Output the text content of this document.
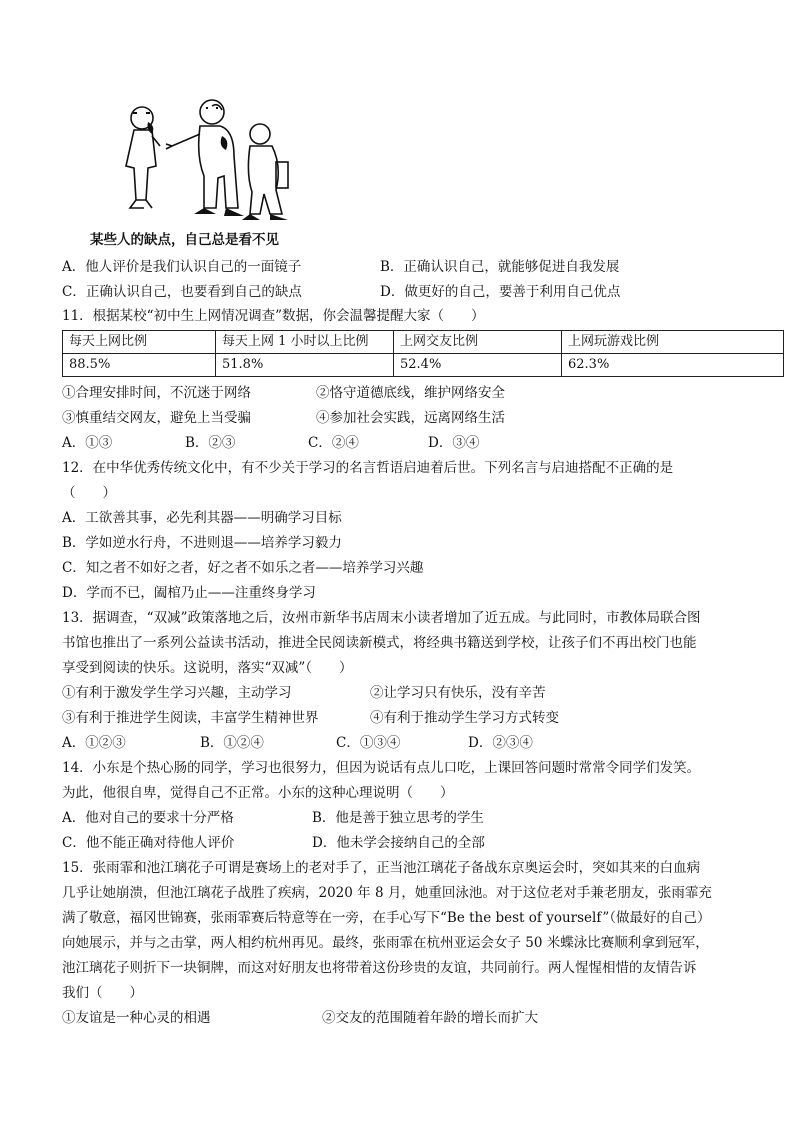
某些人的缺点，自己总是看不见
A．他人评价是我们认识自己的一面镜子	B．正确认识自己，就能够促进自我发展
C．正确认识自己，也要看到自己的缺点	D．做更好的自己，要善于利用自己优点
11．根据某校“初中生上网情况调查”数据，你会温馨提醒大家（　　）
每天上网比例	每天上网 1 小时以上比例	上网交友比例	上网玩游戏比例
88.5%	51.8%	52.4%	62.3%
①合理安排时间，不沉迷于网络	②恪守道德底线，维护网络安全
③慎重结交网友，避免上当受骗	④参加社会实践，远离网络生活
A．①③	B．②③	C．②④	D．③④
12．在中华优秀传统文化中，有不少关于学习的名言哲语启迪着后世。下列名言与启迪搭配不正确的是
（　　）
A．工欲善其事，必先利其器——明确学习目标
B．学如逆水行舟，不进则退——培养学习毅力
C．知之者不如好之者，好之者不如乐之者——培养学习兴趣
D．学而不已，阖棺乃止——注重终身学习
13．据调查，“双减”政策落地之后，汝州市新华书店周末小读者增加了近五成。与此同时，市教体局联合图
书馆也推出了一系列公益读书活动，推进全民阅读新模式，将经典书籍送到学校，让孩子们不再出校门也能
享受到阅读的快乐。这说明，落实“双减”（　　）
①有利于激发学生学习兴趣，主动学习	②让学习只有快乐，没有辛苦
③有利于推进学生阅读，丰富学生精神世界	④有利于推动学生学习方式转变
A．①②③	B．①②④	C．①③④	D．②③④
14．小东是个热心肠的同学，学习也很努力，但因为说话有点儿口吃，上课回答问题时常常令同学们发笑。
为此，他很自卑，觉得自己不正常。小东的这种心理说明（　　）
A．他对自己的要求十分严格	B．他是善于独立思考的学生
C．他不能正确对待他人评价	D．他未学会接纳自己的全部
15．张雨霏和池江璃花子可谓是赛场上的老对手了，正当池江璃花子备战东京奥运会时，突如其来的白血病
几乎让她崩溃，但池江璃花子战胜了疾病，2020 年 8 月，她重回泳池。对于这位老对手兼老朋友，张雨霏充
满了敬意，福冈世锦赛，张雨霏赛后特意等在一旁，在手心写下“Be the best of yourself”（做最好的自己）
向她展示，并与之击掌，两人相约杭州再见。最终，张雨霏在杭州亚运会女子 50 米蝶泳比赛顺利拿到冠军，
池江璃花子则折下一块铜牌，而这对好朋友也将带着这份珍贵的友谊，共同前行。两人惺惺相惜的友情告诉
我们（　　）
①友谊是一种心灵的相遇	②交友的范围随着年龄的增长而扩大
